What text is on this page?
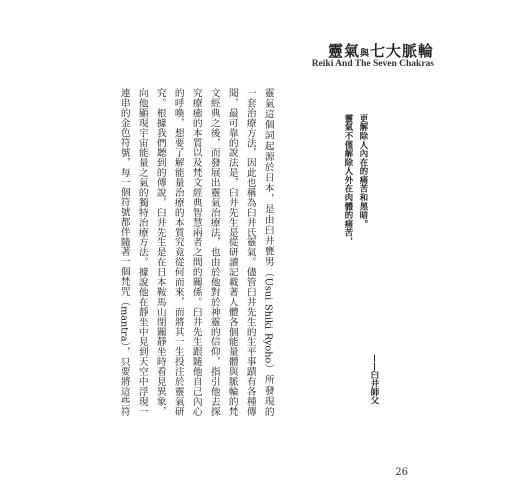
靈氣與七大脈輪
Reiki And The Seven Chakras
靈氣不僅解除人外在肉體的痛苦， 更解除人內在的痛苦和黑暗。
——臼井師父
靈氣這個詞起源於日本，是由臼井甕男（Usui Shiki Ryoho）所發現的
一套治療方法，因此也稱為臼井氏靈氣。儘管臼井先生的生平事蹟有各種傳
聞，最可靠的說法是，臼井先生是從研讀記載著人體各個能量體與脈輪的梵
文經典之後，而發展出靈氣治療法，也由於他對於神靈的信仰，指引他去探
究療癒的本質以及梵文經典智慧兩者之間的關係。臼井先生跟隨他自己內心
的呼喚，想要了解能量治療的本質究竟從何而來，而將其一生投注於靈氣研
究。根據我們聽到的傳說，臼井先生是在日本鞍馬山閉關靜坐時看見異象，
向他顯現宇宙能量之氣的獨特治療方法。據說他在靜坐中見到天空中浮現一
連串的金色符號，每一個符號都伴隨著一個梵咒（mantra），只要將這些符
26
